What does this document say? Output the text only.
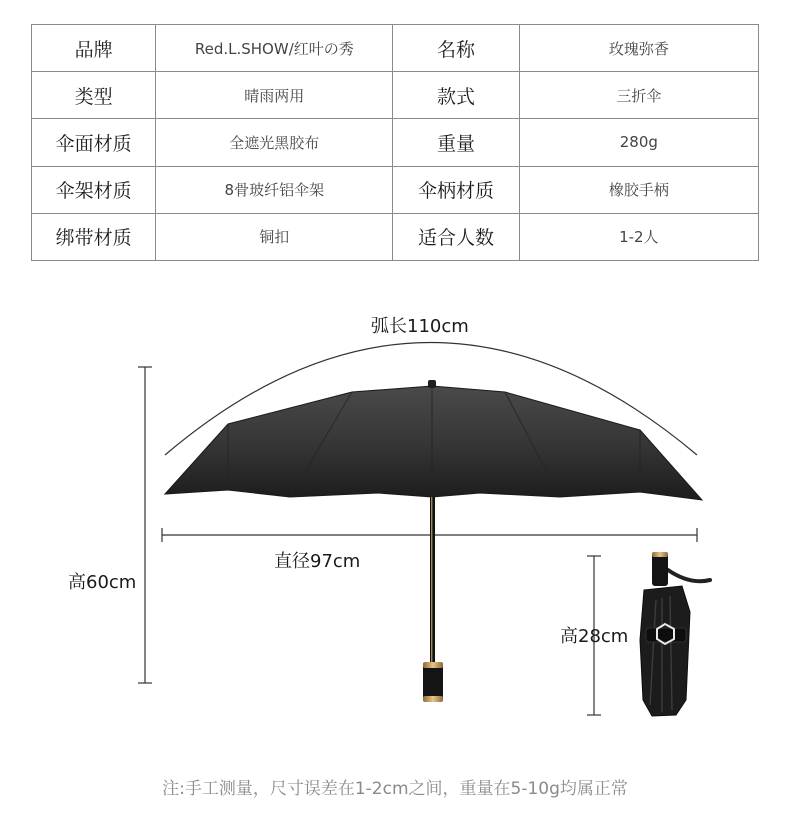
品牌	Red.L.SHOW/红叶の秀	名称	玫瑰弥香
类型	晴雨两用	款式	三折伞
伞面材质	全遮光黑胶布	重量	280g
伞架材质	8骨玻纤铝伞架	伞柄材质	橡胶手柄
绑带材质	铜扣	适合人数	1-2人
弧长110cm
直径97cm
高60cm
高28cm
注:手工测量，尺寸误差在1-2cm之间，重量在5-10g均属正常
